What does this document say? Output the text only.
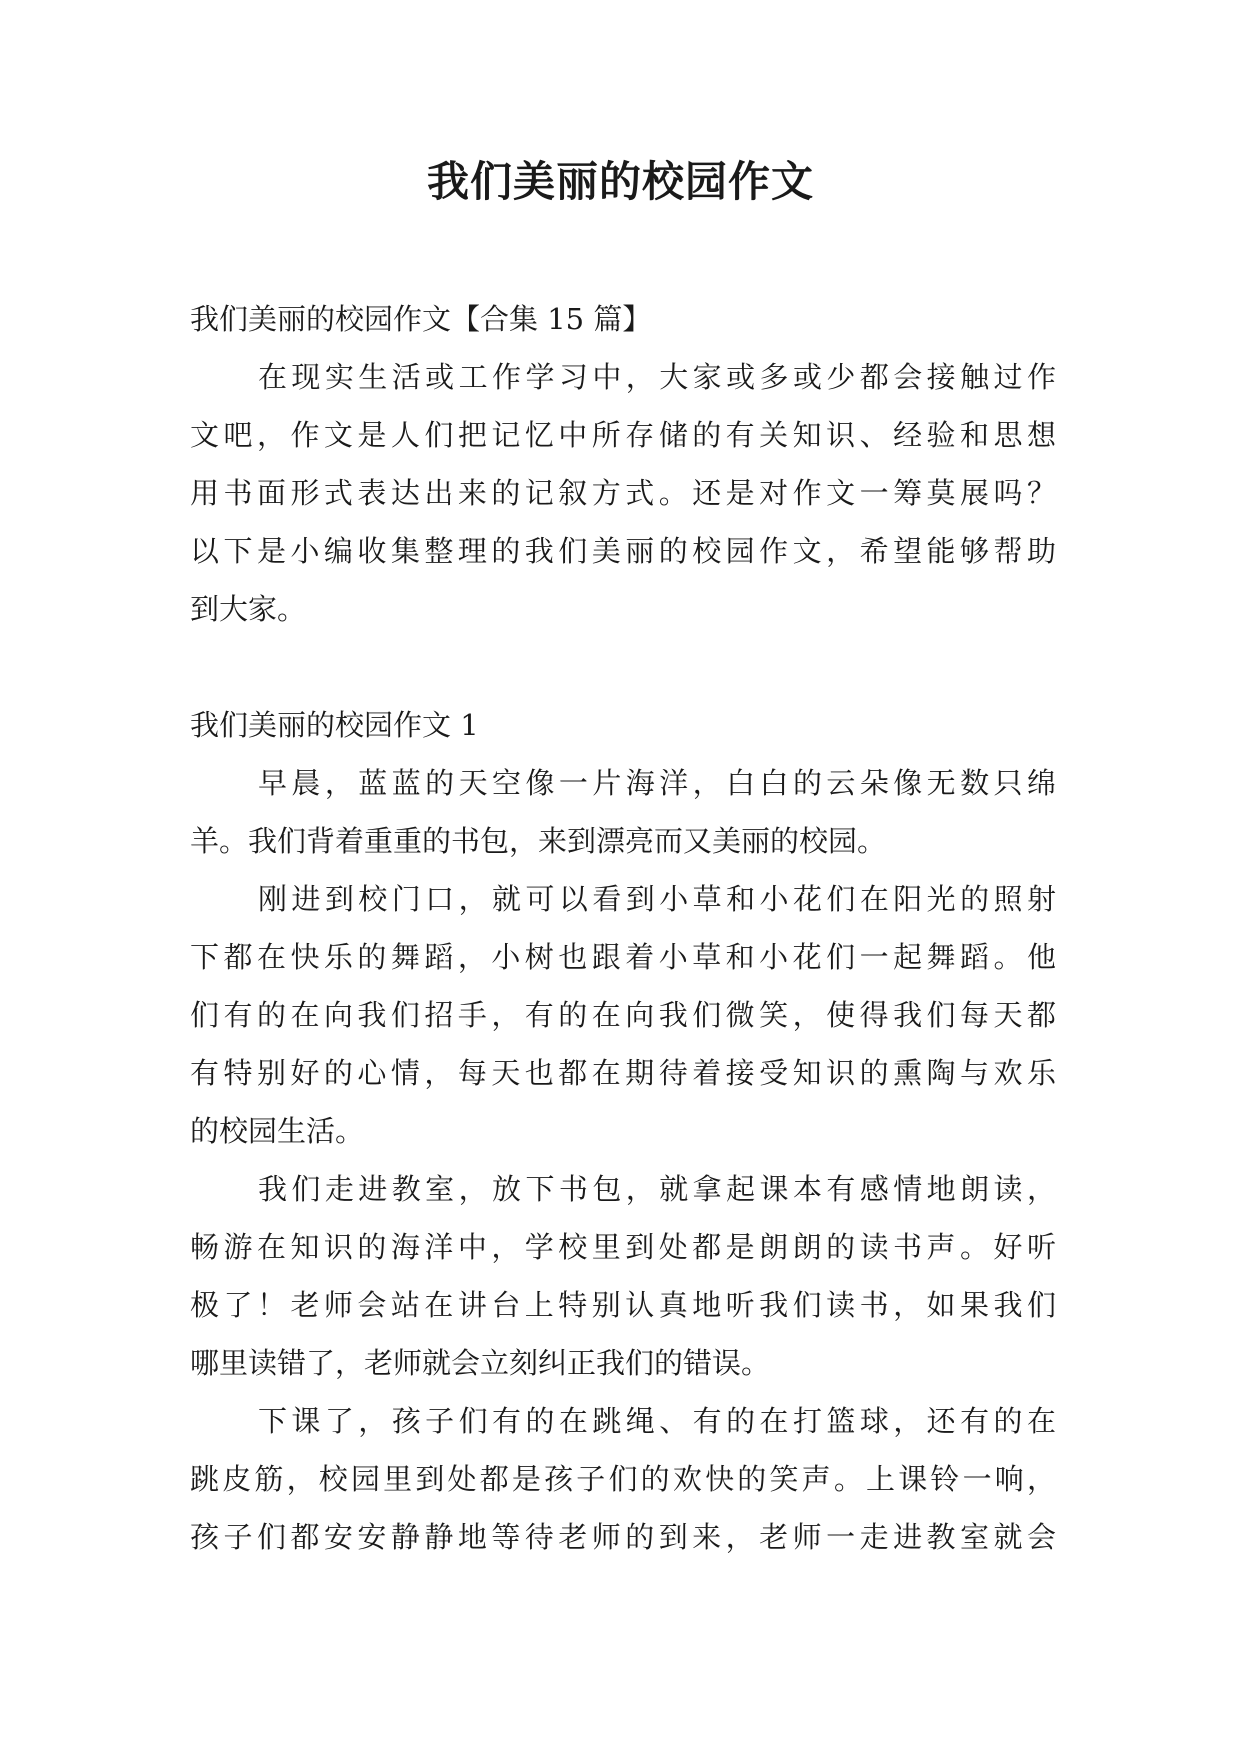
我们美丽的校园作文
我们美丽的校园作文【合集 15 篇】
在现实生活或工作学习中，大家或多或少都会接触过作
文吧，作文是人们把记忆中所存储的有关知识、经验和思想
用书面形式表达出来的记叙方式。还是对作文一筹莫展吗？
以下是小编收集整理的我们美丽的校园作文，希望能够帮助
到大家。
我们美丽的校园作文 1
早晨，蓝蓝的天空像一片海洋，白白的云朵像无数只绵
羊。我们背着重重的书包，来到漂亮而又美丽的校园。
刚进到校门口，就可以看到小草和小花们在阳光的照射
下都在快乐的舞蹈，小树也跟着小草和小花们一起舞蹈。他
们有的在向我们招手，有的在向我们微笑，使得我们每天都
有特别好的心情，每天也都在期待着接受知识的熏陶与欢乐
的校园生活。
我们走进教室，放下书包，就拿起课本有感情地朗读，
畅游在知识的海洋中，学校里到处都是朗朗的读书声。好听
极了！老师会站在讲台上特别认真地听我们读书，如果我们
哪里读错了，老师就会立刻纠正我们的错误。
下课了，孩子们有的在跳绳、有的在打篮球，还有的在
跳皮筋，校园里到处都是孩子们的欢快的笑声。上课铃一响，
孩子们都安安静静地等待老师的到来，老师一走进教室就会
